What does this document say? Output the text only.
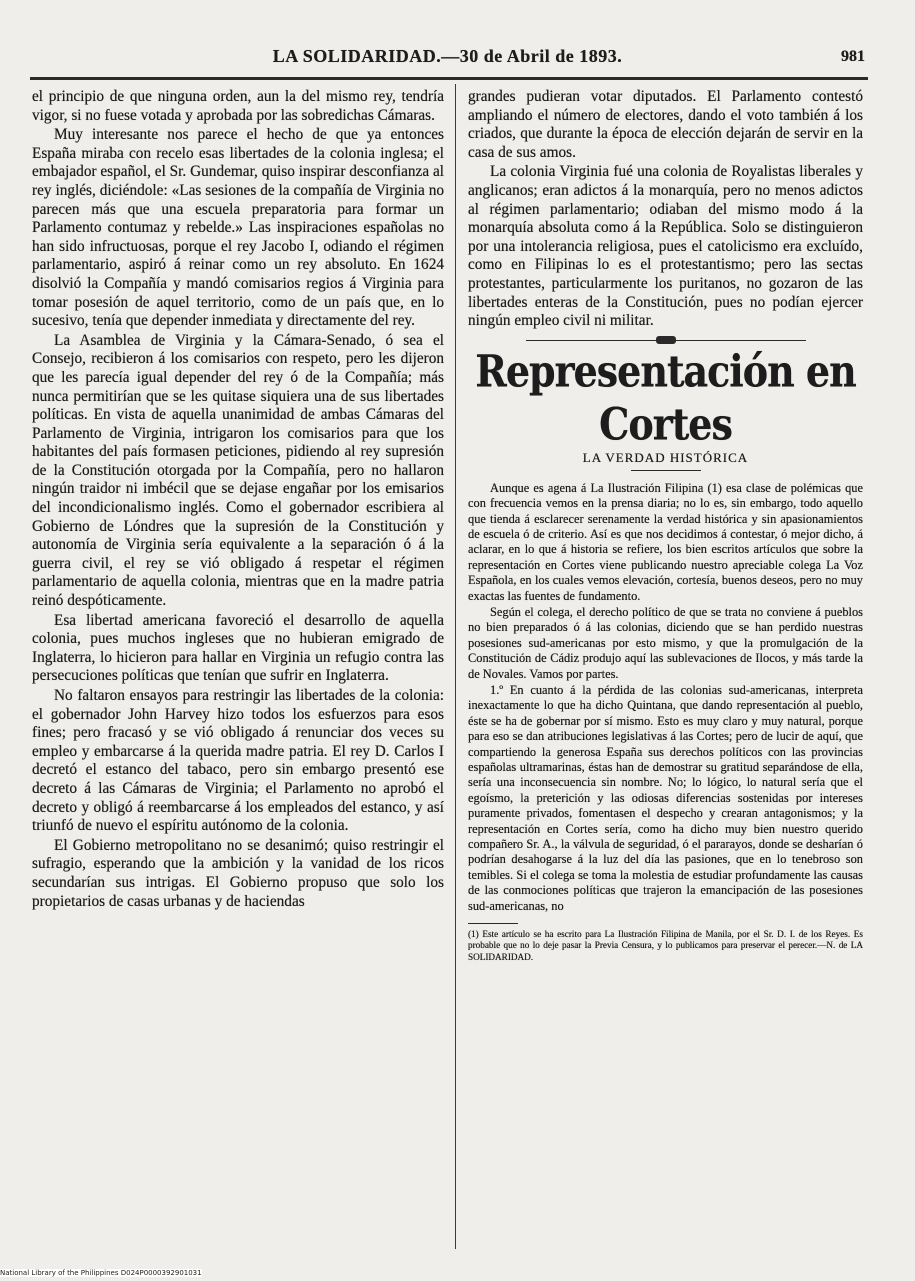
LA SOLIDARIDAD.—30 de Abril de 1893.	981

el principio de que ninguna orden, aun la del mismo rey, tendría vigor, si no fuese votada y aprobada por las sobredichas Cámaras.

Muy interesante nos parece el hecho de que ya entonces España miraba con recelo esas libertades de la colonia inglesa; el embajador español, el Sr. Gundemar, quiso inspirar desconfianza al rey inglés, diciéndole: «Las sesiones de la compañía de Virginia no parecen más que una escuela preparatoria para formar un Parlamento contumaz y rebelde.» Las inspiraciones españolas no han sido infructuosas, porque el rey Jacobo I, odiando el régimen parlamentario, aspiró á reinar como un rey absoluto. En 1624 disolvió la Compañía y mandó comisarios regios á Virginia para tomar posesión de aquel territorio, como de un país que, en lo sucesivo, tenía que depender inmediata y directamente del rey.

La Asamblea de Virginia y la Cámara-Senado, ó sea el Consejo, recibieron á los comisarios con respeto, pero les dijeron que les parecía igual depender del rey ó de la Compañía; más nunca permitirían que se les quitase siquiera una de sus libertades políticas. En vista de aquella unanimidad de ambas Cámaras del Parlamento de Virginia, intrigaron los comisarios para que los habitantes del país formasen peticiones, pidiendo al rey supresión de la Constitución otorgada por la Compañía, pero no hallaron ningún traidor ni imbécil que se dejase engañar por los emisarios del incondicionalismo inglés. Como el gobernador escribiera al Gobierno de Lóndres que la supresión de la Constitución y autonomía de Virginia sería equivalente a la separación ó á la guerra civil, el rey se vió obligado á respetar el régimen parlamentario de aquella colonia, mientras que en la madre patria reinó despóticamente.

Esa libertad americana favoreció el desarrollo de aquella colonia, pues muchos ingleses que no hubieran emigrado de Inglaterra, lo hicieron para hallar en Virginia un refugio contra las persecuciones políticas que tenían que sufrir en Inglaterra.

No faltaron ensayos para restringir las libertades de la colonia: el gobernador John Harvey hizo todos los esfuerzos para esos fines; pero fracasó y se vió obligado á renunciar dos veces su empleo y embarcarse á la querida madre patria. El rey D. Carlos I decretó el estanco del tabaco, pero sin embargo presentó ese decreto á las Cámaras de Virginia; el Parlamento no aprobó el decreto y obligó á reembarcarse á los empleados del estanco, y así triunfó de nuevo el espíritu autónomo de la colonia.

El Gobierno metropolitano no se desanimó; quiso restringir el sufragio, esperando que la ambición y la vanidad de los ricos secundarían sus intrigas. El Gobierno propuso que solo los propietarios de casas urbanas y de haciendas

grandes pudieran votar diputados. El Parlamento contestó ampliando el número de electores, dando el voto también á los criados, que durante la época de elección dejarán de servir en la casa de sus amos.

La colonia Virginia fué una colonia de Royalistas liberales y anglicanos; eran adictos á la monarquía, pero no menos adictos al régimen parlamentario; odiaban del mismo modo á la monarquía absoluta como á la República. Solo se distinguieron por una intolerancia religiosa, pues el catolicismo era excluído, como en Filipinas lo es el protestantismo; pero las sectas protestantes, particularmente los puritanos, no gozaron de las libertades enteras de la Constitución, pues no podían ejercer ningún empleo civil ni militar.

Representación en Cortes
LA VERDAD HISTÓRICA

Aunque es agena á La Ilustración Filipina (1) esa clase de polémicas que con frecuencia vemos en la prensa diaria; no lo es, sin embargo, todo aquello que tienda á esclarecer serenamente la verdad histórica y sin apasionamientos de escuela ó de criterio. Así es que nos decidimos á contestar, ó mejor dicho, á aclarar, en lo que á historia se refiere, los bien escritos artículos que sobre la representación en Cortes viene publicando nuestro apreciable colega La Voz Española, en los cuales vemos elevación, cortesía, buenos deseos, pero no muy exactas las fuentes de fundamento.

Según el colega, el derecho político de que se trata no conviene á pueblos no bien preparados ó á las colonias, diciendo que se han perdido nuestras posesiones sud-americanas por esto mismo, y que la promulgación de la Constitución de Cádiz produjo aquí las sublevaciones de Ilocos, y más tarde la de Novales. Vamos por partes.

1.º En cuanto á la pérdida de las colonias sud-americanas, interpreta inexactamente lo que ha dicho Quintana, que dando representación al pueblo, éste se ha de gobernar por sí mismo. Esto es muy claro y muy natural, porque para eso se dan atribuciones legislativas á las Cortes; pero de lucir de aquí, que compartiendo la generosa España sus derechos políticos con las provincias españolas ultramarinas, éstas han de demostrar su gratitud separándose de ella, sería una inconsecuencia sin nombre. No; lo lógico, lo natural sería que el egoísmo, la preterición y las odiosas diferencias sostenidas por intereses puramente privados, fomentasen el despecho y crearan antagonismos; y la representación en Cortes sería, como ha dicho muy bien nuestro querido compañero Sr. A., la válvula de seguridad, ó el pararayos, donde se desharían ó podrían desahogarse á la luz del día las pasiones, que en lo tenebroso son temibles. Si el colega se toma la molestia de estudiar profundamente las causas de las conmociones políticas que trajeron la emancipación de las posesiones sud-americanas, no

(1) Este artículo se ha escrito para La Ilustración Filipina de Manila, por el Sr. D. I. de los Reyes. Es probable que no lo deje pasar la Previa Censura, y lo publicamos para preservar el perecer.—N. de LA SOLIDARIDAD.
National Library of the Philippines D024P0000392901031
